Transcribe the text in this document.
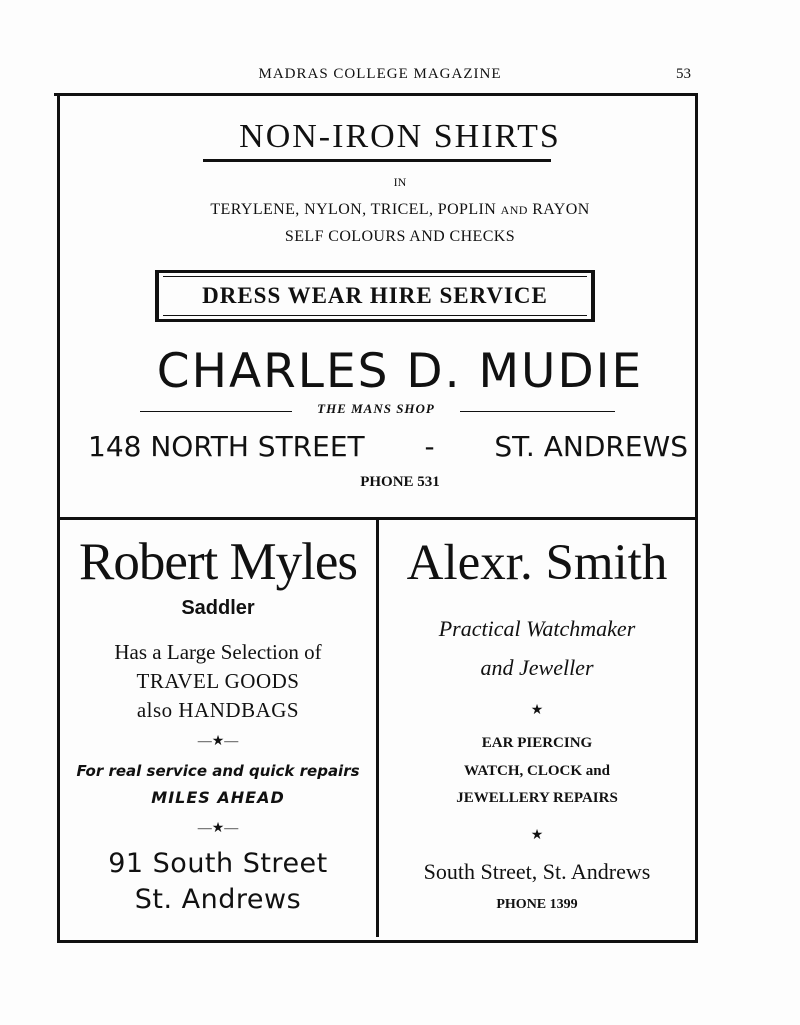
MADRAS COLLEGE MAGAZINE	53
NON-IRON SHIRTS
IN
TERYLENE, NYLON, TRICEL, POPLIN AND RAYON
SELF COLOURS AND CHECKS
DRESS WEAR HIRE SERVICE
CHARLES D. MUDIE
THE MANS SHOP
148 NORTH STREET - ST. ANDREWS
PHONE 531
Robert Myles
Saddler
Has a Large Selection of
TRAVEL GOODS
also HANDBAGS
—★—
For real service and quick repairs
MILES AHEAD
—★—
91 South Street
St. Andrews
Alexr. Smith
Practical Watchmaker
and Jeweller
★
EAR PIERCING
WATCH, CLOCK and
JEWELLERY REPAIRS
★
South Street, St. Andrews
PHONE 1399
